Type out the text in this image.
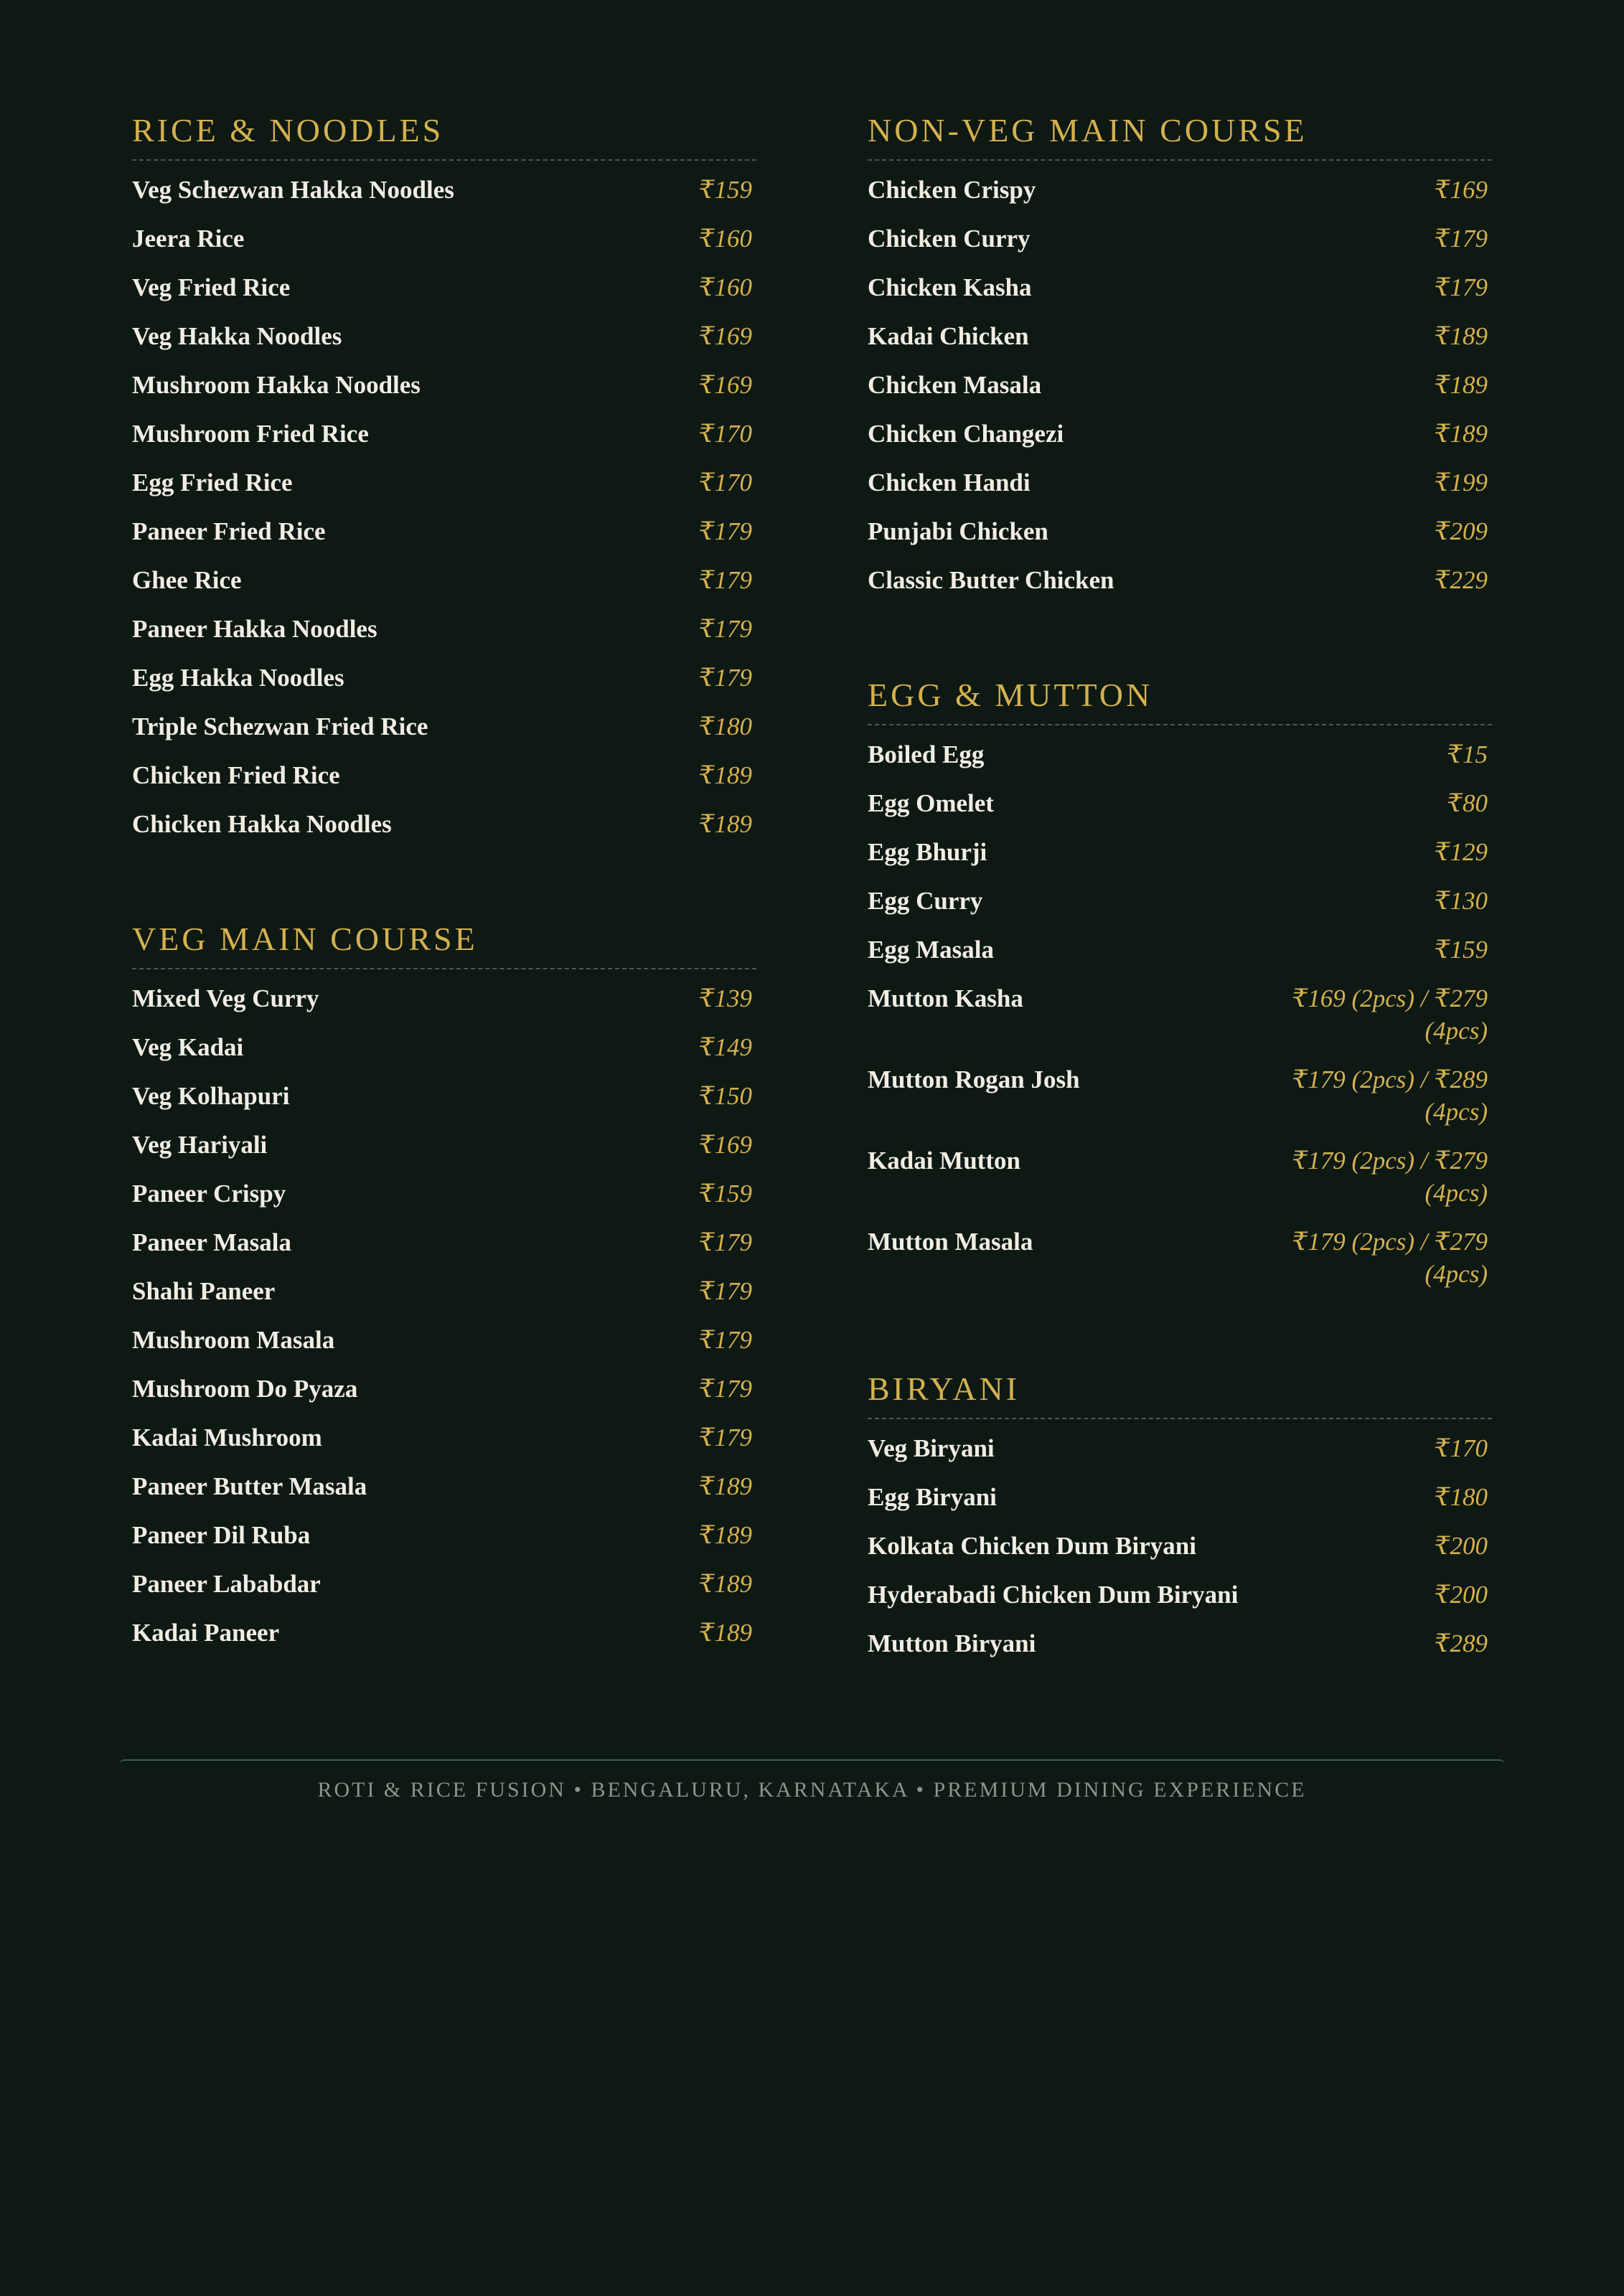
RICE & NOODLES
Veg Schezwan Hakka Noodles	₹159
Jeera Rice	₹160
Veg Fried Rice	₹160
Veg Hakka Noodles	₹169
Mushroom Hakka Noodles	₹169
Mushroom Fried Rice	₹170
Egg Fried Rice	₹170
Paneer Fried Rice	₹179
Ghee Rice	₹179
Paneer Hakka Noodles	₹179
Egg Hakka Noodles	₹179
Triple Schezwan Fried Rice	₹180
Chicken Fried Rice	₹189
Chicken Hakka Noodles	₹189
VEG MAIN COURSE
Mixed Veg Curry	₹139
Veg Kadai	₹149
Veg Kolhapuri	₹150
Veg Hariyali	₹169
Paneer Crispy	₹159
Paneer Masala	₹179
Shahi Paneer	₹179
Mushroom Masala	₹179
Mushroom Do Pyaza	₹179
Kadai Mushroom	₹179
Paneer Butter Masala	₹189
Paneer Dil Ruba	₹189
Paneer Lababdar	₹189
Kadai Paneer	₹189
NON-VEG MAIN COURSE
Chicken Crispy	₹169
Chicken Curry	₹179
Chicken Kasha	₹179
Kadai Chicken	₹189
Chicken Masala	₹189
Chicken Changezi	₹189
Chicken Handi	₹199
Punjabi Chicken	₹209
Classic Butter Chicken	₹229
EGG & MUTTON
Boiled Egg	₹15
Egg Omelet	₹80
Egg Bhurji	₹129
Egg Curry	₹130
Egg Masala	₹159
Mutton Kasha	₹169 (2pcs) / ₹279 (4pcs)
Mutton Rogan Josh	₹179 (2pcs) / ₹289 (4pcs)
Kadai Mutton	₹179 (2pcs) / ₹279 (4pcs)
Mutton Masala	₹179 (2pcs) / ₹279 (4pcs)
BIRYANI
Veg Biryani	₹170
Egg Biryani	₹180
Kolkata Chicken Dum Biryani	₹200
Hyderabadi Chicken Dum Biryani	₹200
Mutton Biryani	₹289
ROTI & RICE FUSION • BENGALURU, KARNATAKA • PREMIUM DINING EXPERIENCE
